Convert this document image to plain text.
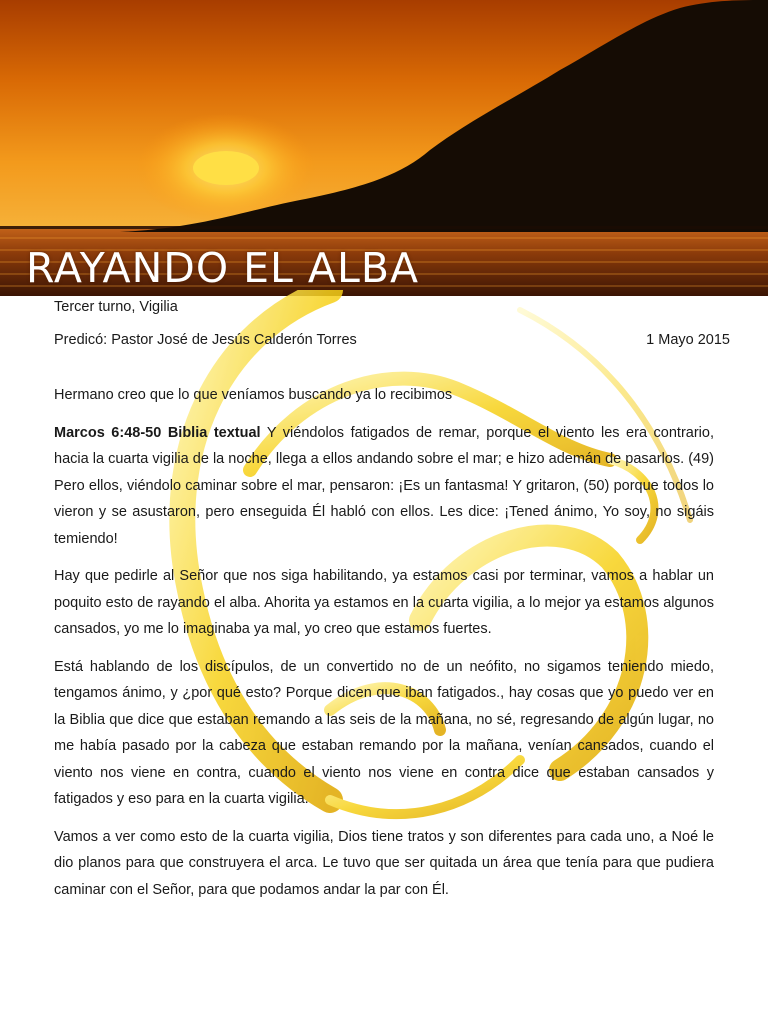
RAYANDO EL ALBA
Tercer turno, Vigilia
Predicó: Pastor José de Jesús Calderón Torres	1 Mayo 2015

Hermano creo que lo que veníamos buscando ya lo recibimos

Marcos 6:48-50 Biblia textual Y viéndolos fatigados de remar, porque el viento les era contrario, hacia la cuarta vigilia de la noche, llega a ellos andando sobre el mar; e hizo ademán de pasarlos. (49) Pero ellos, viéndolo caminar sobre el mar, pensaron: ¡Es un fantasma! Y gritaron, (50) porque todos lo vieron y se asustaron, pero enseguida Él habló con ellos. Les dice: ¡Tened ánimo, Yo soy, no sigáis temiendo!

Hay que pedirle al Señor que nos siga habilitando, ya estamos casi por terminar, vamos a hablar un poquito esto de rayando el alba. Ahorita ya estamos en la cuarta vigilia, a lo mejor ya estamos algunos cansados, yo me lo imaginaba ya mal, yo creo que estamos fuertes.

Está hablando de los discípulos, de un convertido no de un neófito, no sigamos teniendo miedo, tengamos ánimo, y ¿por qué esto? Porque dicen que iban fatigados., hay cosas que yo puedo ver en la Biblia que dice que estaban remando a las seis de la mañana, no sé, regresando de algún lugar, no me había pasado por la cabeza que estaban remando por la mañana, venían cansados, cuando el viento nos viene en contra, cuando el viento nos viene en contra dice que estaban cansados y fatigados y eso para en la cuarta vigilia.

Vamos a ver como esto de la cuarta vigilia, Dios tiene tratos y son diferentes para cada uno, a Noé le dio planos para que construyera el arca. Le tuvo que ser quitada un área que tenía para que pudiera caminar con el Señor, para que podamos andar la par con Él.
